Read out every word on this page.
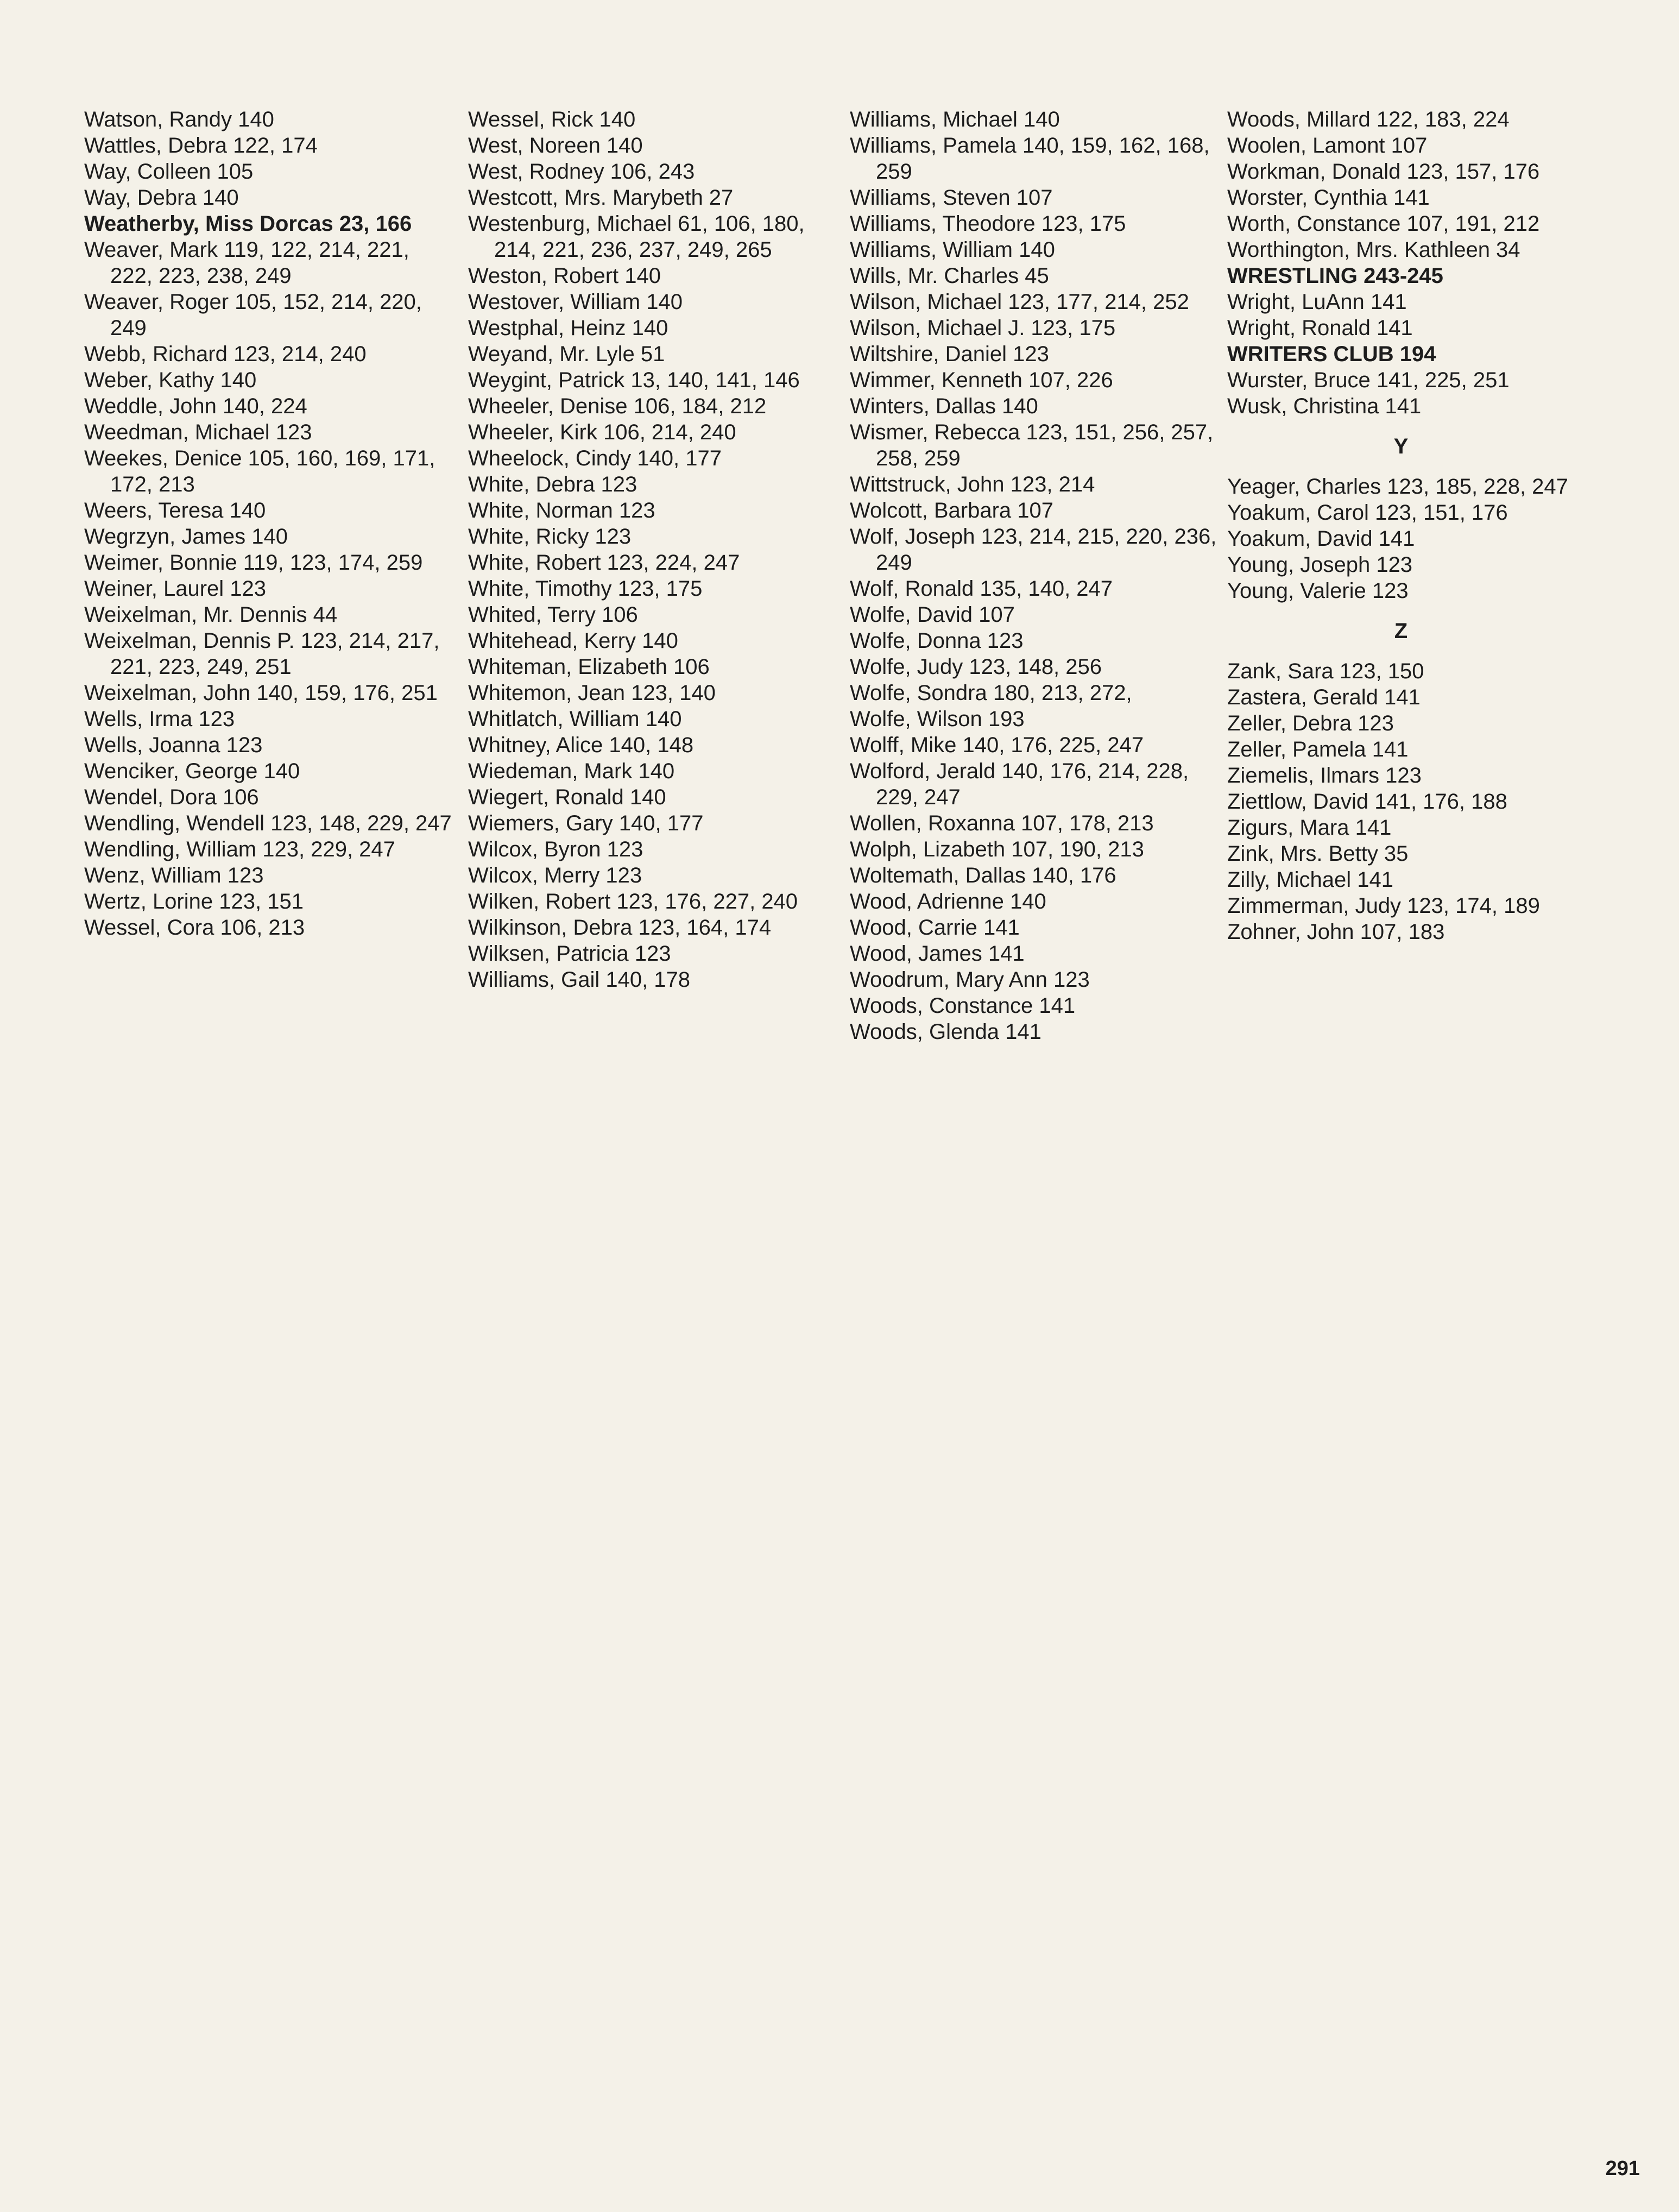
Watson, Randy 140
Wattles, Debra 122, 174
Way, Colleen 105
Way, Debra 140
Weatherby, Miss Dorcas 23, 166
Weaver, Mark 119, 122, 214, 221, 222, 223, 238, 249
Weaver, Roger 105, 152, 214, 220, 249
Webb, Richard 123, 214, 240
Weber, Kathy 140
Weddle, John 140, 224
Weedman, Michael 123
Weekes, Denice 105, 160, 169, 171, 172, 213
Weers, Teresa 140
Wegrzyn, James 140
Weimer, Bonnie 119, 123, 174, 259
Weiner, Laurel 123
Weixelman, Mr. Dennis 44
Weixelman, Dennis P. 123, 214, 217, 221, 223, 249, 251
Weixelman, John 140, 159, 176, 251
Wells, Irma 123
Wells, Joanna 123
Wenciker, George 140
Wendel, Dora 106
Wendling, Wendell 123, 148, 229, 247
Wendling, William 123, 229, 247
Wenz, William 123
Wertz, Lorine 123, 151
Wessel, Cora 106, 213
Wessel, Rick 140
West, Noreen 140
West, Rodney 106, 243
Westcott, Mrs. Marybeth 27
Westenburg, Michael 61, 106, 180, 214, 221, 236, 237, 249, 265
Weston, Robert 140
Westover, William 140
Westphal, Heinz 140
Weyand, Mr. Lyle 51
Weygint, Patrick 13, 140, 141, 146
Wheeler, Denise 106, 184, 212
Wheeler, Kirk 106, 214, 240
Wheelock, Cindy 140, 177
White, Debra 123
White, Norman 123
White, Ricky 123
White, Robert 123, 224, 247
White, Timothy 123, 175
Whited, Terry 106
Whitehead, Kerry 140
Whiteman, Elizabeth 106
Whitemon, Jean 123, 140
Whitlatch, William 140
Whitney, Alice 140, 148
Wiedeman, Mark 140
Wiegert, Ronald 140
Wiemers, Gary 140, 177
Wilcox, Byron 123
Wilcox, Merry 123
Wilken, Robert 123, 176, 227, 240
Wilkinson, Debra 123, 164, 174
Wilksen, Patricia 123
Williams, Gail 140, 178
Williams, Michael 140
Williams, Pamela 140, 159, 162, 168, 259
Williams, Steven 107
Williams, Theodore 123, 175
Williams, William 140
Wills, Mr. Charles 45
Wilson, Michael 123, 177, 214, 252
Wilson, Michael J. 123, 175
Wiltshire, Daniel 123
Wimmer, Kenneth 107, 226
Winters, Dallas 140
Wismer, Rebecca 123, 151, 256, 257, 258, 259
Wittstruck, John 123, 214
Wolcott, Barbara 107
Wolf, Joseph 123, 214, 215, 220, 236, 249
Wolf, Ronald 135, 140, 247
Wolfe, David 107
Wolfe, Donna 123
Wolfe, Judy 123, 148, 256
Wolfe, Sondra 180, 213, 272,
Wolfe, Wilson 193
Wolff, Mike 140, 176, 225, 247
Wolford, Jerald 140, 176, 214, 228, 229, 247
Wollen, Roxanna 107, 178, 213
Wolph, Lizabeth 107, 190, 213
Woltemath, Dallas 140, 176
Wood, Adrienne 140
Wood, Carrie 141
Wood, James 141
Woodrum, Mary Ann 123
Woods, Constance 141
Woods, Glenda 141
Woods, Millard 122, 183, 224
Woolen, Lamont 107
Workman, Donald 123, 157, 176
Worster, Cynthia 141
Worth, Constance 107, 191, 212
Worthington, Mrs. Kathleen 34
WRESTLING 243-245
Wright, LuAnn 141
Wright, Ronald 141
WRITERS CLUB 194
Wurster, Bruce 141, 225, 251
Wusk, Christina 141
Y
Yeager, Charles 123, 185, 228, 247
Yoakum, Carol 123, 151, 176
Yoakum, David 141
Young, Joseph 123
Young, Valerie 123
Z
Zank, Sara 123, 150
Zastera, Gerald 141
Zeller, Debra 123
Zeller, Pamela 141
Ziemelis, Ilmars 123
Ziettlow, David 141, 176, 188
Zigurs, Mara 141
Zink, Mrs. Betty 35
Zilly, Michael 141
Zimmerman, Judy 123, 174, 189
Zohner, John 107, 183
291
